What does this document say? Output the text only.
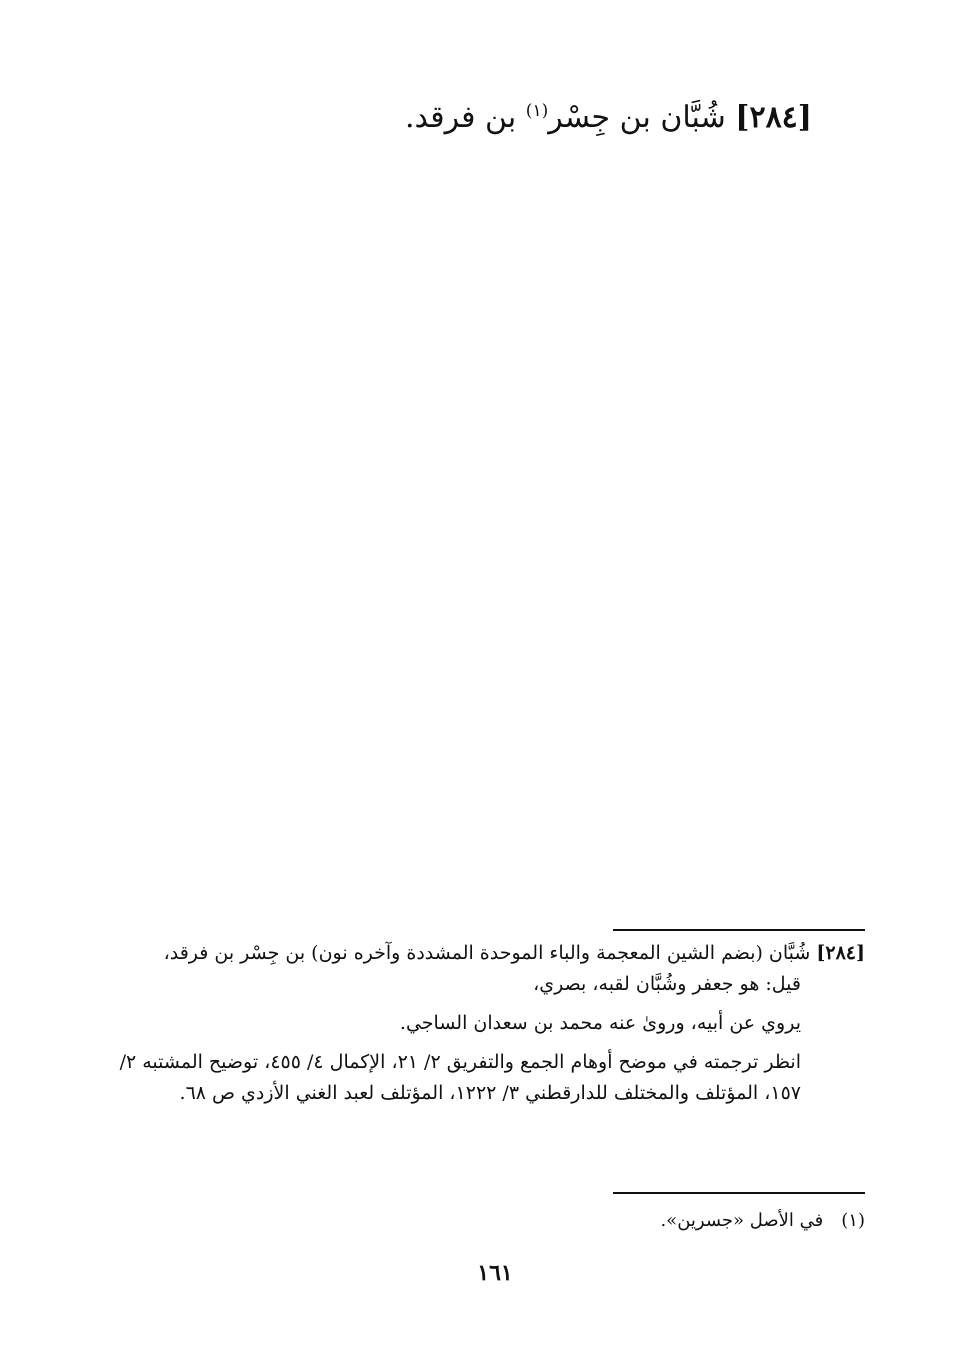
[٢٨٤] شُبَّان بن جِسْر$^{(١)}$ بن فرقد.

[٢٨٤] شُبَّان (بضم الشين المعجمة والباء الموحدة المشددة وآخره نون) بن جِسْر بن فرقد،

قيل: هو جعفر وشُبَّان لقبه، بصري،

يروي عن أبيه، وروىٰ عنه محمد بن سعدان الساجي.

انظر ترجمته في موضح أوهام الجمع والتفريق ٢/ ٢١، الإكمال ٤/ ٤٥٥، توضيح المشتبه ٢/ ١٥٧، المؤتلف والمختلف للدارقطني ٣/ ١٢٢٢، المؤتلف لعبد الغني الأزدي ص ٦٨.

(١)في الأصل «جسرين».
١٦١
